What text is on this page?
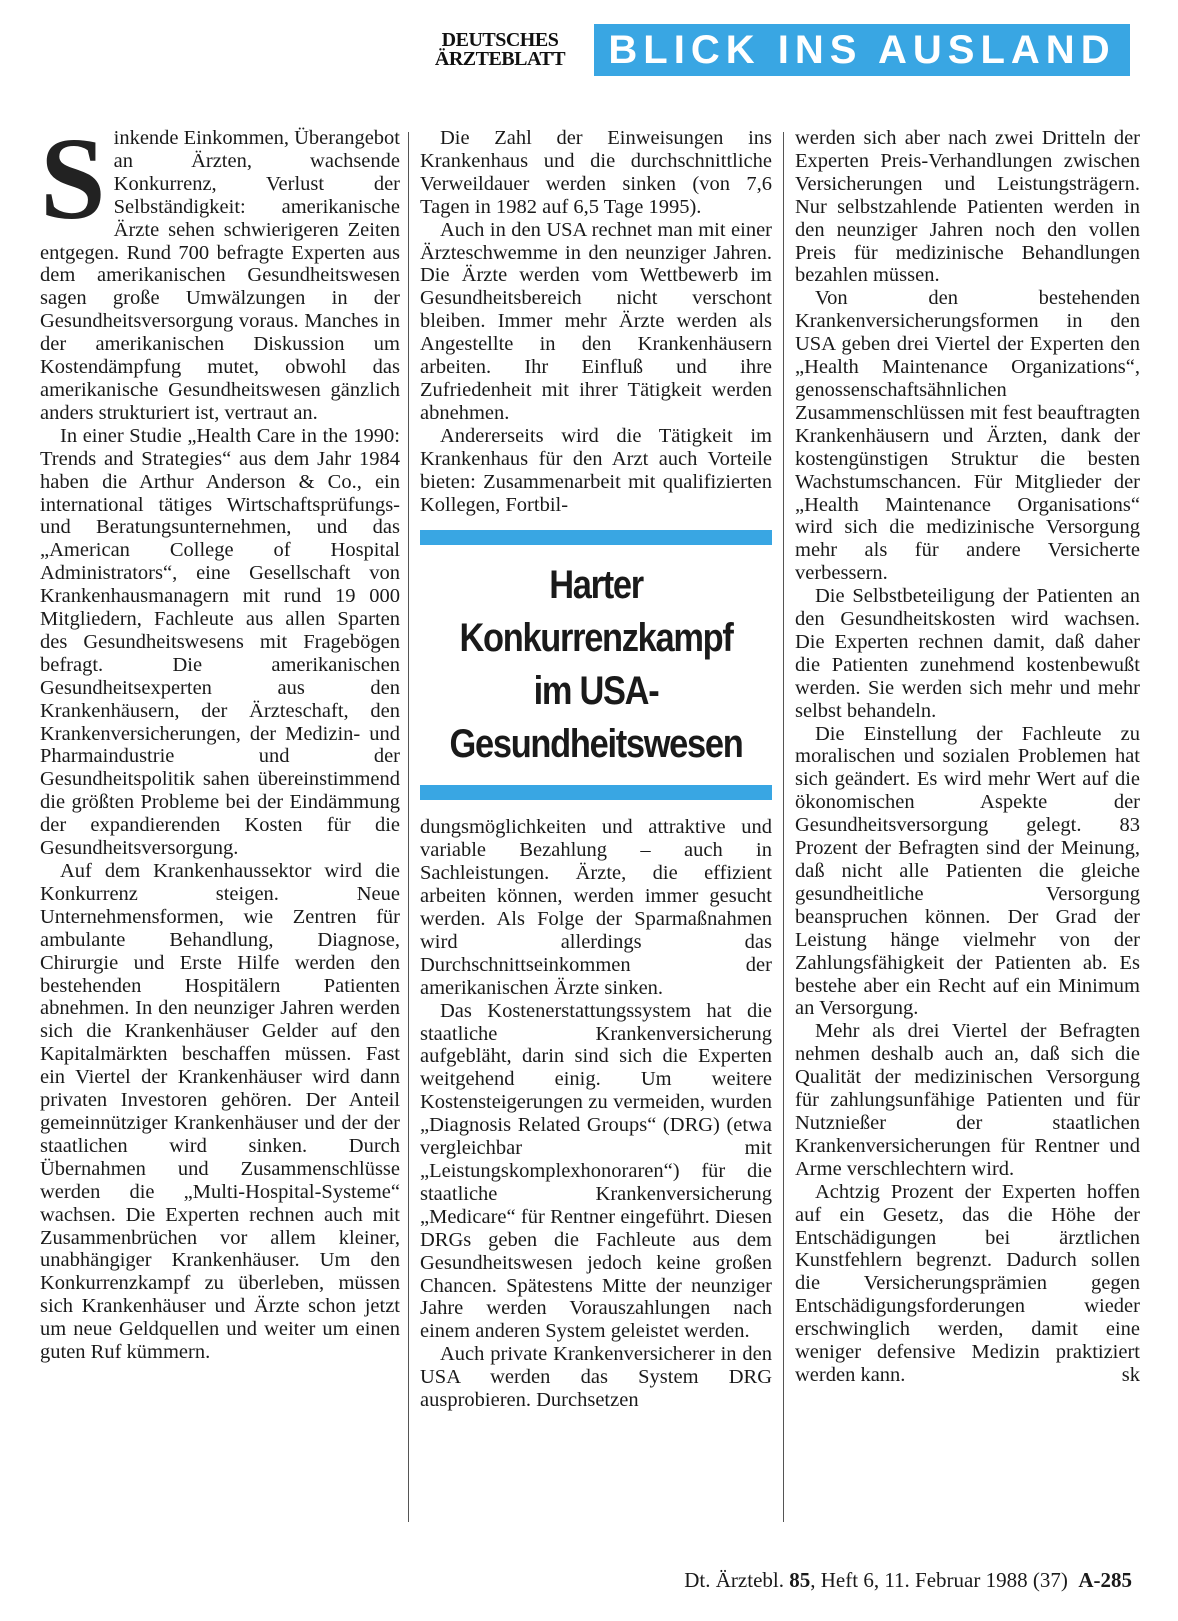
DEUTSCHES
ÄRZTEBLATT	BLICK INS AUSLAND

Sinkende Einkommen, Überangebot an Ärzten, wachsende Konkurrenz, Verlust der Selbständigkeit: amerikanische Ärzte sehen schwierigeren Zeiten entgegen. Rund 700 befragte Experten aus dem amerikanischen Gesundheitswesen sagen große Umwälzungen in der Gesundheitsversorgung voraus. Manches in der amerikanischen Diskussion um Kostendämpfung mutet, obwohl das amerikanische Gesundheitswesen gänzlich anders strukturiert ist, vertraut an.

In einer Studie „Health Care in the 1990: Trends and Strategies“ aus dem Jahr 1984 haben die Arthur Anderson & Co., ein international tätiges Wirtschaftsprüfungs- und Beratungsunternehmen, und das „American College of Hospital Administrators“, eine Gesellschaft von Krankenhausmanagern mit rund 19 000 Mitgliedern, Fachleute aus allen Sparten des Gesundheitswesens mit Fragebögen befragt. Die amerikanischen Gesundheitsexperten aus den Krankenhäusern, der Ärzteschaft, den Krankenversicherungen, der Medizin- und Pharmaindustrie und der Gesundheitspolitik sahen übereinstimmend die größten Probleme bei der Eindämmung der expandierenden Kosten für die Gesundheitsversorgung.

Auf dem Krankenhaussektor wird die Konkurrenz steigen. Neue Unternehmensformen, wie Zentren für ambulante Behandlung, Diagnose, Chirurgie und Erste Hilfe werden den bestehenden Hospitälern Patienten abnehmen. In den neunziger Jahren werden sich die Krankenhäuser Gelder auf den Kapitalmärkten beschaffen müssen. Fast ein Viertel der Krankenhäuser wird dann privaten Investoren gehören. Der Anteil gemeinnütziger Krankenhäuser und der der staatlichen wird sinken. Durch Übernahmen und Zusammenschlüsse werden die „Multi-Hospital-Systeme“ wachsen. Die Experten rechnen auch mit Zusammenbrüchen vor allem kleiner, unabhängiger Krankenhäuser. Um den Konkurrenzkampf zu überleben, müssen sich Krankenhäuser und Ärzte schon jetzt um neue Geldquellen und weiter um einen guten Ruf kümmern.

Die Zahl der Einweisungen ins Krankenhaus und die durchschnittliche Verweildauer werden sinken (von 7,6 Tagen in 1982 auf 6,5 Tage 1995).

Auch in den USA rechnet man mit einer Ärzteschwemme in den neunziger Jahren. Die Ärzte werden vom Wettbewerb im Gesundheitsbereich nicht verschont bleiben. Immer mehr Ärzte werden als Angestellte in den Krankenhäusern arbeiten. Ihr Einfluß und ihre Zufriedenheit mit ihrer Tätigkeit werden abnehmen.

Andererseits wird die Tätigkeit im Krankenhaus für den Arzt auch Vorteile bieten: Zusammenarbeit mit qualifizierten Kollegen, Fortbil-

Harter
Konkurrenzkampf
im USA-
Gesundheitswesen

dungsmöglichkeiten und attraktive und variable Bezahlung – auch in Sachleistungen. Ärzte, die effizient arbeiten können, werden immer gesucht werden. Als Folge der Sparmaßnahmen wird allerdings das Durchschnittseinkommen der amerikanischen Ärzte sinken.

Das Kostenerstattungssystem hat die staatliche Krankenversicherung aufgebläht, darin sind sich die Experten weitgehend einig. Um weitere Kostensteigerungen zu vermeiden, wurden „Diagnosis Related Groups“ (DRG) (etwa vergleichbar mit „Leistungskomplexhonoraren“) für die staatliche Krankenversicherung „Medicare“ für Rentner eingeführt. Diesen DRGs geben die Fachleute aus dem Gesundheitswesen jedoch keine großen Chancen. Spätestens Mitte der neunziger Jahre werden Vorauszahlungen nach einem anderen System geleistet werden.

Auch private Krankenversicherer in den USA werden das System DRG ausprobieren. Durchsetzen

werden sich aber nach zwei Dritteln der Experten Preis-Verhandlungen zwischen Versicherungen und Leistungsträgern. Nur selbstzahlende Patienten werden in den neunziger Jahren noch den vollen Preis für medizinische Behandlungen bezahlen müssen.

Von den bestehenden Krankenversicherungsformen in den USA geben drei Viertel der Experten den „Health Maintenance Organizations“, genossenschaftsähnlichen Zusammenschlüssen mit fest beauftragten Krankenhäusern und Ärzten, dank der kostengünstigen Struktur die besten Wachstumschancen. Für Mitglieder der „Health Maintenance Organisations“ wird sich die medizinische Versorgung mehr als für andere Versicherte verbessern.

Die Selbstbeteiligung der Patienten an den Gesundheitskosten wird wachsen. Die Experten rechnen damit, daß daher die Patienten zunehmend kostenbewußt werden. Sie werden sich mehr und mehr selbst behandeln.

Die Einstellung der Fachleute zu moralischen und sozialen Problemen hat sich geändert. Es wird mehr Wert auf die ökonomischen Aspekte der Gesundheitsversorgung gelegt. 83 Prozent der Befragten sind der Meinung, daß nicht alle Patienten die gleiche gesundheitliche Versorgung beanspruchen können. Der Grad der Leistung hänge vielmehr von der Zahlungsfähigkeit der Patienten ab. Es bestehe aber ein Recht auf ein Minimum an Versorgung.

Mehr als drei Viertel der Befragten nehmen deshalb auch an, daß sich die Qualität der medizinischen Versorgung für zahlungsunfähige Patienten und für Nutznießer der staatlichen Krankenversicherungen für Rentner und Arme verschlechtern wird.

Achtzig Prozent der Experten hoffen auf ein Gesetz, das die Höhe der Entschädigungen bei ärztlichen Kunstfehlern begrenzt. Dadurch sollen die Versicherungsprämien gegen Entschädigungsforderungen wieder erschwinglich werden, damit eine weniger defensive Medizin praktiziert werden kann.	sk

Dt. Ärztebl. 85, Heft 6, 11. Februar 1988 (37) A-285
